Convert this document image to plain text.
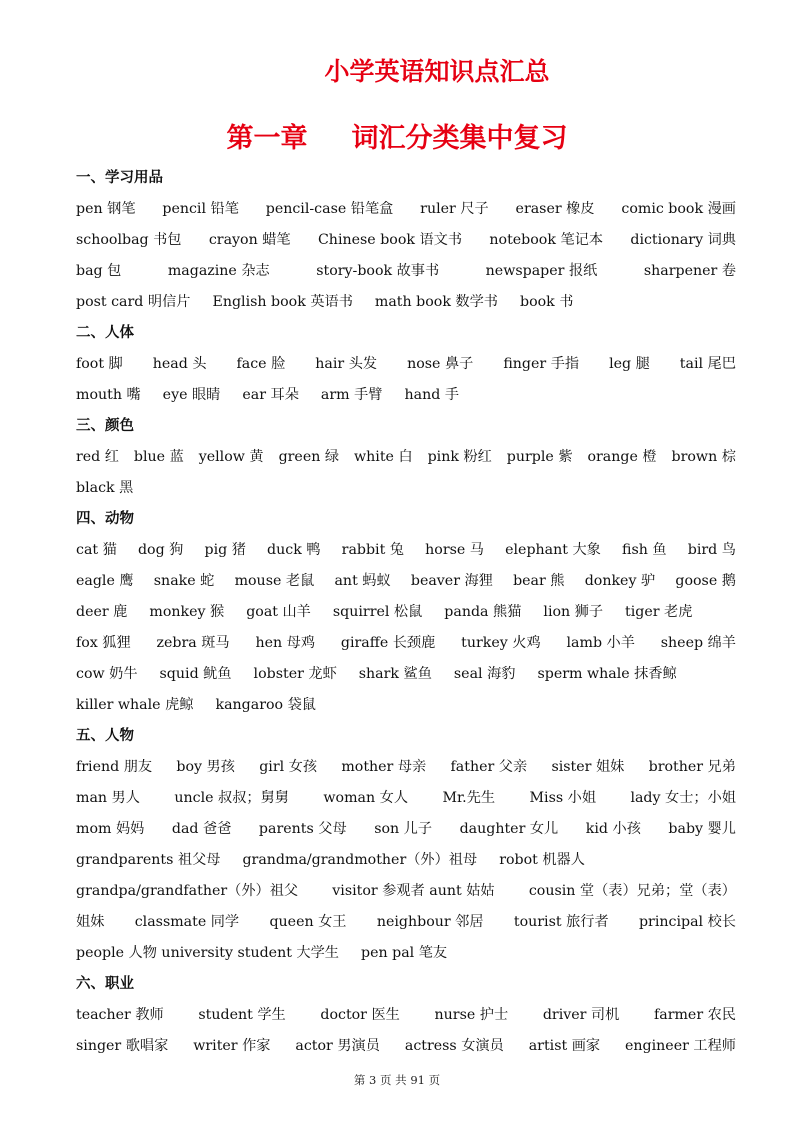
小学英语知识点汇总
第一章 词汇分类集中复习
一、学习用品
pen 钢笔 pencil 铅笔 pencil-case 铅笔盒 ruler 尺子 eraser 橡皮 comic book 漫画
schoolbag 书包 crayon 蜡笔 Chinese book 语文书 notebook 笔记本 dictionary 词典
bag 包	magazine 杂志	story-book 故事书	newspaper 报纸	sharpener 卷
post card 明信片 English book 英语书 math book 数学书 book 书
二、人体
foot 脚 head 头 face 脸 hair 头发 nose 鼻子 finger 手指 leg 腿 tail 尾巴
mouth 嘴 eye 眼睛 ear 耳朵 arm 手臂 hand 手
三、颜色
red 红 blue 蓝 yellow 黄 green 绿 white 白 pink 粉红 purple 紫 orange 橙 brown 棕
black 黑
四、动物
cat 猫 dog 狗 pig 猪 duck 鸭 rabbit 兔 horse 马 elephant 大象 fish 鱼 bird 鸟
eagle 鹰 snake 蛇 mouse 老鼠 ant 蚂蚁 beaver 海狸 bear 熊 donkey 驴 goose 鹅
deer 鹿 monkey 猴 goat 山羊 squirrel 松鼠 panda 熊猫 lion 狮子 tiger 老虎
fox 狐狸 zebra 斑马 hen 母鸡 giraffe 长颈鹿 turkey 火鸡 lamb 小羊 sheep 绵羊
cow 奶牛 squid 鱿鱼 lobster 龙虾 shark 鲨鱼 seal 海豹 sperm whale 抹香鲸
killer whale 虎鲸 kangaroo 袋鼠
五、人物
friend 朋友 boy 男孩 girl 女孩 mother 母亲 father 父亲 sister 姐妹 brother 兄弟
man 男人 uncle 叔叔；舅舅 woman 女人 Mr.先生 Miss 小姐 lady 女士；小姐
mom 妈妈 dad 爸爸 parents 父母 son 儿子 daughter 女儿 kid 小孩 baby 婴儿
grandparents 祖父母 grandma/grandmother（外）祖母 robot 机器人
grandpa/grandfather（外）祖父 visitor 参观者 aunt 姑姑 cousin 堂（表）兄弟；堂（表）
姐妹 classmate 同学 queen 女王 neighbour 邻居 tourist 旅行者 principal 校长
people 人物 university student 大学生 pen pal 笔友
六、职业
teacher 教师 student 学生 doctor 医生 nurse 护士 driver 司机 farmer 农民
singer 歌唱家 writer 作家 actor 男演员 actress 女演员 artist 画家 engineer 工程师
第 3 页 共 91 页
